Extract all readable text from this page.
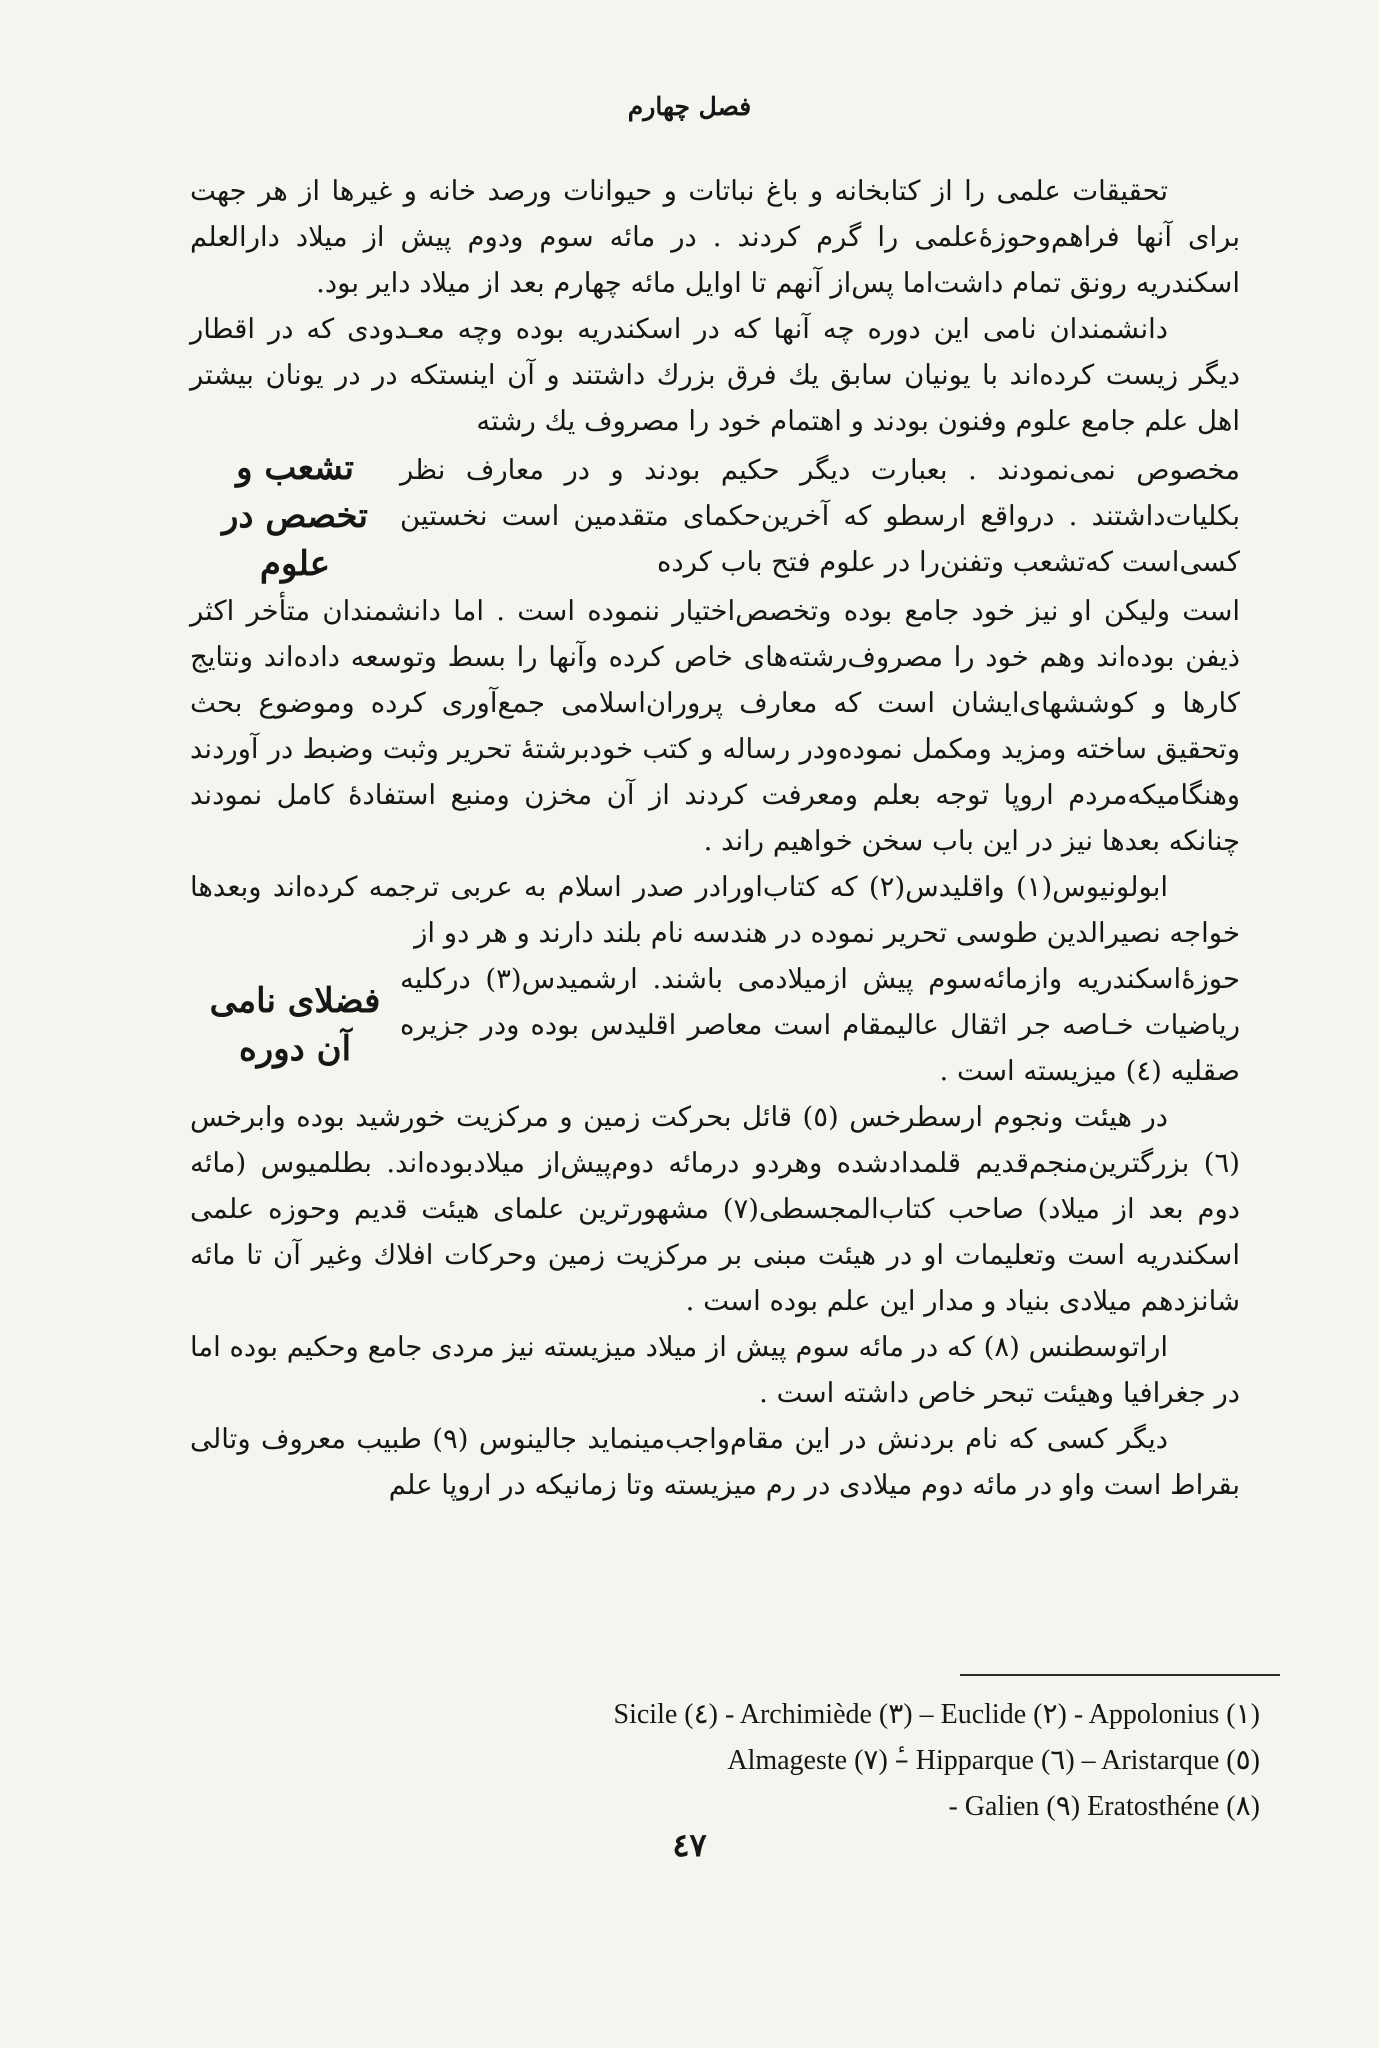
فصل چهارم

تحقیقات علمی را از کتابخانه و باغ نباتات و حیوانات ورصد خانه و غیرها از هر جهت برای آنها فراهم‌وحوزهٔ‌علمی را گرم کردند . در مائه سوم ودوم پیش از میلاد دارالعلم اسکندریه رونق تمام داشت‌اما پس‌از آنهم تا اوایل مائه چهارم بعد از میلاد دایر بود.

دانشمندان نامی این دوره چه آنها که در اسکندریه بوده وچه معـدودی که در اقطار دیگر زیست کرده‌اند با یونیان سابق یك فرق بزرك داشتند و آن اینستکه در در یونان بیشتر اهل علم جامع علوم وفنون بودند و اهتمام خود را مصروف یك رشته

مخصوص نمی‌نمودند . بعبارت دیگر حکیم بودند و در معارف نظر بکلیات‌داشتند . درواقع ارسطو که آخرین‌حکمای متقدمین است نخستین کسی‌است که‌تشعب وتفنن‌را در علوم فتح باب کرده

تشعب و تخصص در علوم

است ولیکن او نیز خود جامع بوده وتخصص‌اختیار ننموده است . اما دانشمندان متأخر اکثر ذیفن بوده‌اند وهم خود را مصروف‌رشته‌های خاص کرده وآنها را بسط وتوسعه داده‌اند ونتایج کارها و کوششهای‌ایشان است که معارف پروران‌اسلامی جمع‌آوری کرده وموضوع بحث وتحقیق ساخته ومزید ومکمل نموده‌ودر رساله و کتب خودبرشتهٔ تحریر وثبت وضبط در آوردند وهنگامیکه‌مردم اروپا توجه بعلم ومعرفت کردند از آن مخزن ومنبع استفادهٔ کامل نمودند چنانکه بعدها نیز در این باب سخن خواهیم راند .

ابولونیوس(۱) واقلیدس(۲) که کتاب‌اورادر صدر اسلام به عربی ترجمه کرده‌اند وبعدها خواجه نصیرالدین طوسی تحریر نموده در هندسه نام بلند دارند و هر دو از

حوزهٔ‌اسکندریه وازمائه‌سوم پیش ازمیلادمی باشند. ارشمیدس(۳) درکلیه ریاضیات خـاصه جر اثقال عالیمقام است معاصر اقلیدس بوده ودر جزیره صقلیه (٤) میزیسته است .

فضلای نامی آن دوره

در هیئت ونجوم ارسطرخس (٥) قائل بحرکت زمین و مرکزیت خورشید بوده وابرخس (٦) بزرگترین‌منجم‌قدیم قلمدادشده وهردو درمائه دوم‌پیش‌از میلادبوده‌اند. بطلمیوس (مائه دوم بعد از میلاد) صاحب کتاب‌المجسطی(۷) مشهورترین علمای هیئت قدیم وحوزه علمی اسکندریه است وتعلیمات او در هیئت مبنی بر مرکزیت زمین وحرکات افلاك وغیر آن تا مائه شانزدهم میلادی بنیاد و مدار این علم بوده است .

اراتوسطنس (۸) که در مائه سوم پیش از میلاد میزیسته نیز مردی جامع وحکیم بوده اما در جغرافیا وهیئت تبحر خاص داشته است .

دیگر کسی که نام بردنش در این مقام‌واجب‌مینماید جالینوس (۹) طبیب معروف وتالی بقراط است واو در مائه دوم میلادی در رم میزیسته وتا زمانیکه در اروپا علم

Sicile (٤) - Archimiède (٣) – Euclide (٢) - Appolonius (١)
Almageste (٧) –ٔ Hipparque (٦) – Aristarque (٥)
- Galien (٩) Eratosthéne (٨)
٤٧
